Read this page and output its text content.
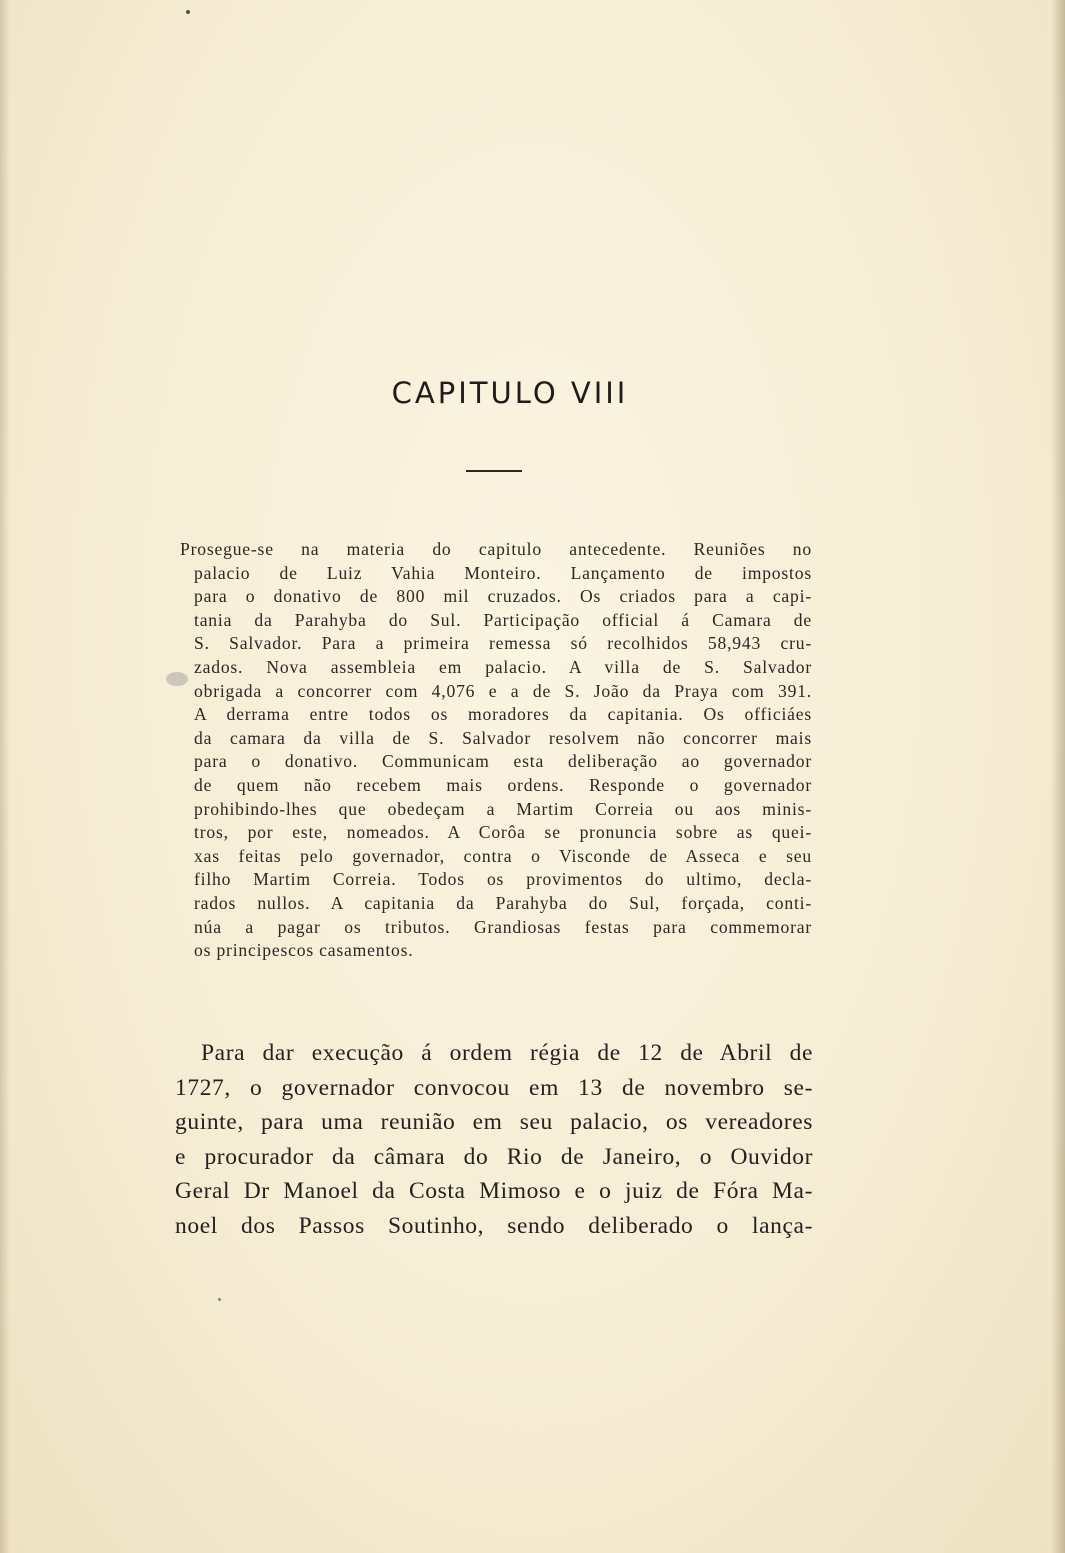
CAPITULO VIII
Prosegue-se na materia do capitulo antecedente. Reuniões no
palacio de Luiz Vahia Monteiro. Lançamento de impostos
para o donativo de 800 mil cruzados. Os criados para a capi-
tania da Parahyba do Sul. Participação official á Camara de
S. Salvador. Para a primeira remessa só recolhidos 58,943 cru-
zados. Nova assembleia em palacio. A villa de S. Salvador
obrigada a concorrer com 4,076 e a de S. João da Praya com 391.
A derrama entre todos os moradores da capitania. Os officiáes
da camara da villa de S. Salvador resolvem não concorrer mais
para o donativo. Communicam esta deliberação ao governador
de quem não recebem mais ordens. Responde o governador
prohibindo-lhes que obedeçam a Martim Correia ou aos minis-
tros, por este, nomeados. A Corôa se pronuncia sobre as quei-
xas feitas pelo governador, contra o Visconde de Asseca e seu
filho Martim Correia. Todos os provimentos do ultimo, decla-
rados nullos. A capitania da Parahyba do Sul, forçada, conti-
núa a pagar os tributos. Grandiosas festas para commemorar
os principescos casamentos.
Para dar execução á ordem régia de 12 de Abril de
1727, o governador convocou em 13 de novembro se-
guinte, para uma reunião em seu palacio, os vereadores
e procurador da câmara do Rio de Janeiro, o Ouvidor
Geral Dr Manoel da Costa Mimoso e o juiz de Fóra Ma-
noel dos Passos Soutinho, sendo deliberado o lança-
